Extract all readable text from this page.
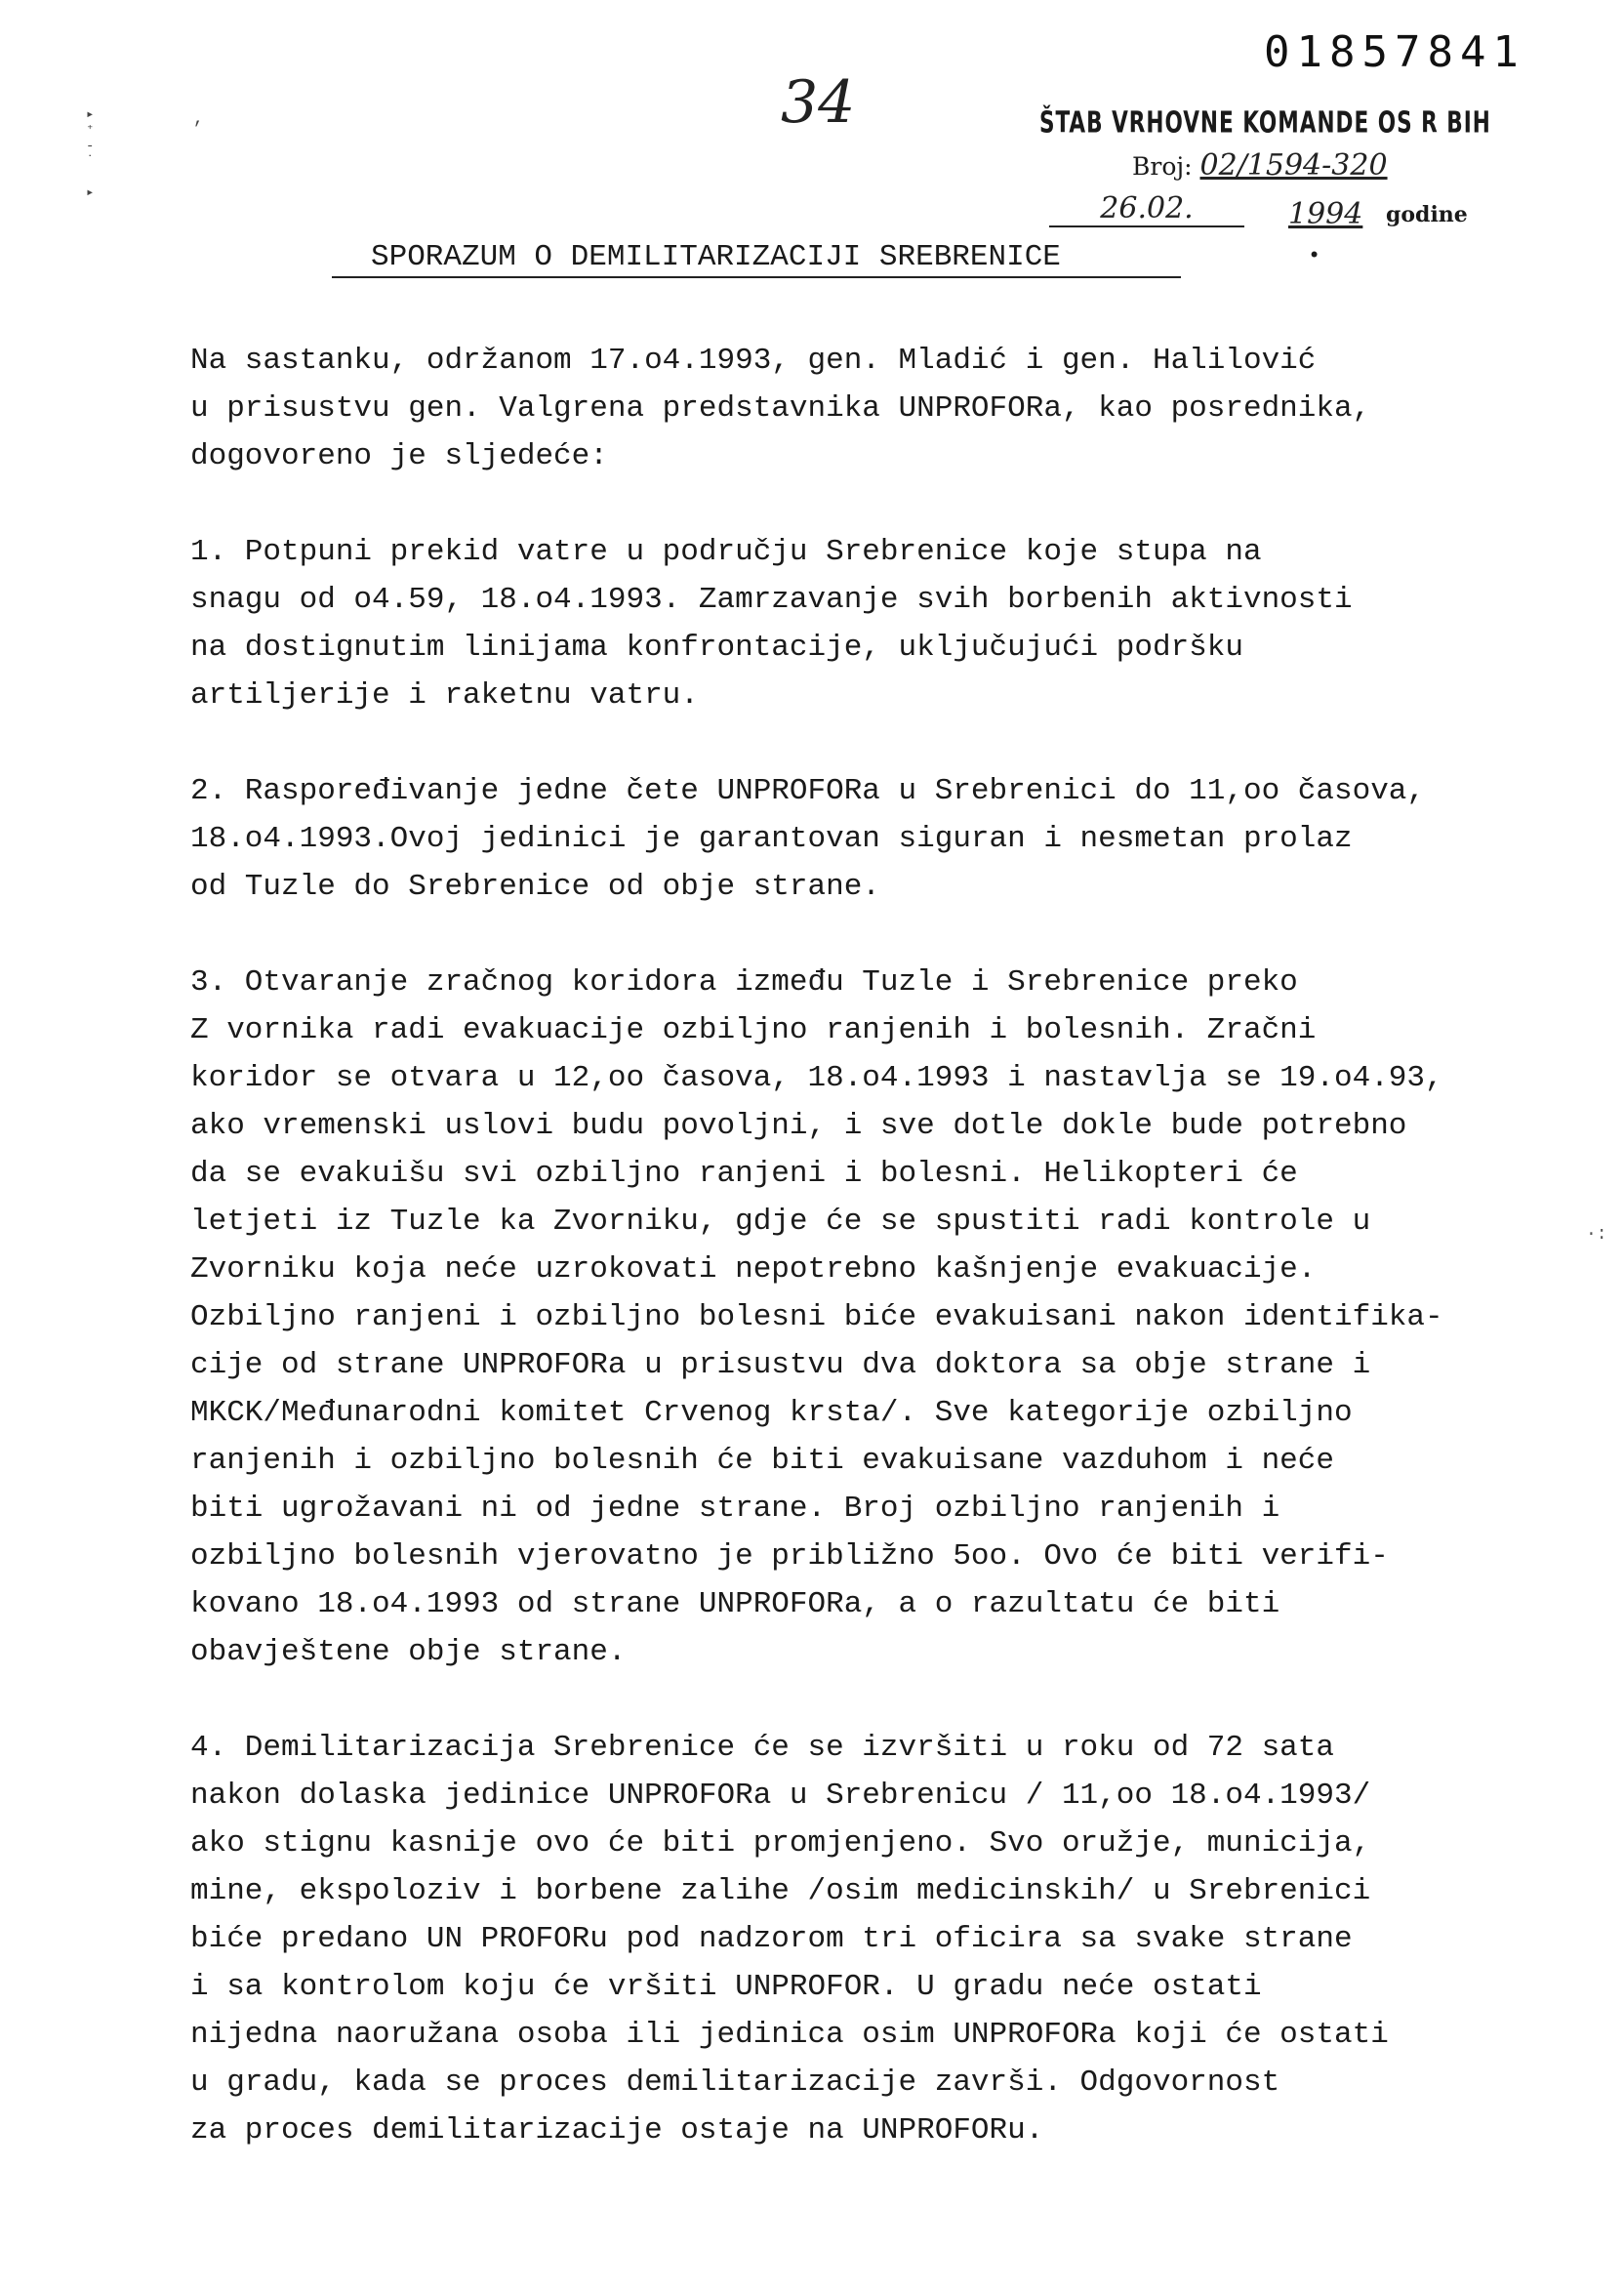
01857841
34
▸
⁺
-
˙

▸
,
·:
ŠTAB VRHOVNE KOMANDE OS R BIH
Broj: 02/1594-320
26.02.	1994 godine
•
SPORAZUM O DEMILITARIZACIJI SREBRENICE
Na sastanku, održanom 17.o4.1993, gen. Mladić i gen. Halilović
u prisustvu gen. Valgrena predstavnika UNPROFORa, kao posrednika,
dogovoreno je sljedeće:
1. Potpuni prekid vatre u području Srebrenice koje stupa na
snagu od o4.59, 18.o4.1993. Zamrzavanje svih borbenih aktivnosti
na dostignutim linijama konfrontacije, uključujući podršku
artiljerije i raketnu vatru.
2. Raspoređivanje jedne čete UNPROFORa u Srebrenici do 11,oo časova,
18.o4.1993.Ovoj jedinici je garantovan siguran i nesmetan prolaz
od Tuzle do Srebrenice od obje strane.
3. Otvaranje zračnog koridora između Tuzle i Srebrenice preko
Z vornika radi evakuacije ozbiljno ranjenih i bolesnih. Zračni
koridor se otvara u 12,oo časova, 18.o4.1993 i nastavlja se 19.o4.93,
ako vremenski uslovi budu povoljni, i sve dotle dokle bude potrebno
da se evakuišu svi ozbiljno ranjeni i bolesni. Helikopteri će
letjeti iz Tuzle ka Zvorniku, gdje će se spustiti radi kontrole u
Zvorniku koja neće uzrokovati nepotrebno kašnjenje evakuacije.
Ozbiljno ranjeni i ozbiljno bolesni biće evakuisani nakon identifika-
cije od strane UNPROFORa u prisustvu dva doktora sa obje strane i
MKCK/Međunarodni komitet Crvenog krsta/. Sve kategorije ozbiljno
ranjenih i ozbiljno bolesnih će biti evakuisane vazduhom i neće
biti ugrožavani ni od jedne strane. Broj ozbiljno ranjenih i
ozbiljno bolesnih vjerovatno je približno 5oo. Ovo će biti verifi-
kovano 18.o4.1993 od strane UNPROFORa, a o razultatu će biti
obavještene obje strane.
4. Demilitarizacija Srebrenice će se izvršiti u roku od 72 sata
nakon dolaska jedinice UNPROFORa u Srebrenicu / 11,oo 18.o4.1993/
ako stignu kasnije ovo će biti promjenjeno. Svo oružje, municija,
mine, ekspoloziv i borbene zalihe /osim medicinskih/ u Srebrenici
biće predano UN PROFORu pod nadzorom tri oficira sa svake strane
i sa kontrolom koju će vršiti UNPROFOR. U gradu neće ostati
nijedna naoružana osoba ili jedinica osim UNPROFORa koji će ostati
u gradu, kada se proces demilitarizacije završi. Odgovornost
za proces demilitarizacije ostaje na UNPROFORu.
